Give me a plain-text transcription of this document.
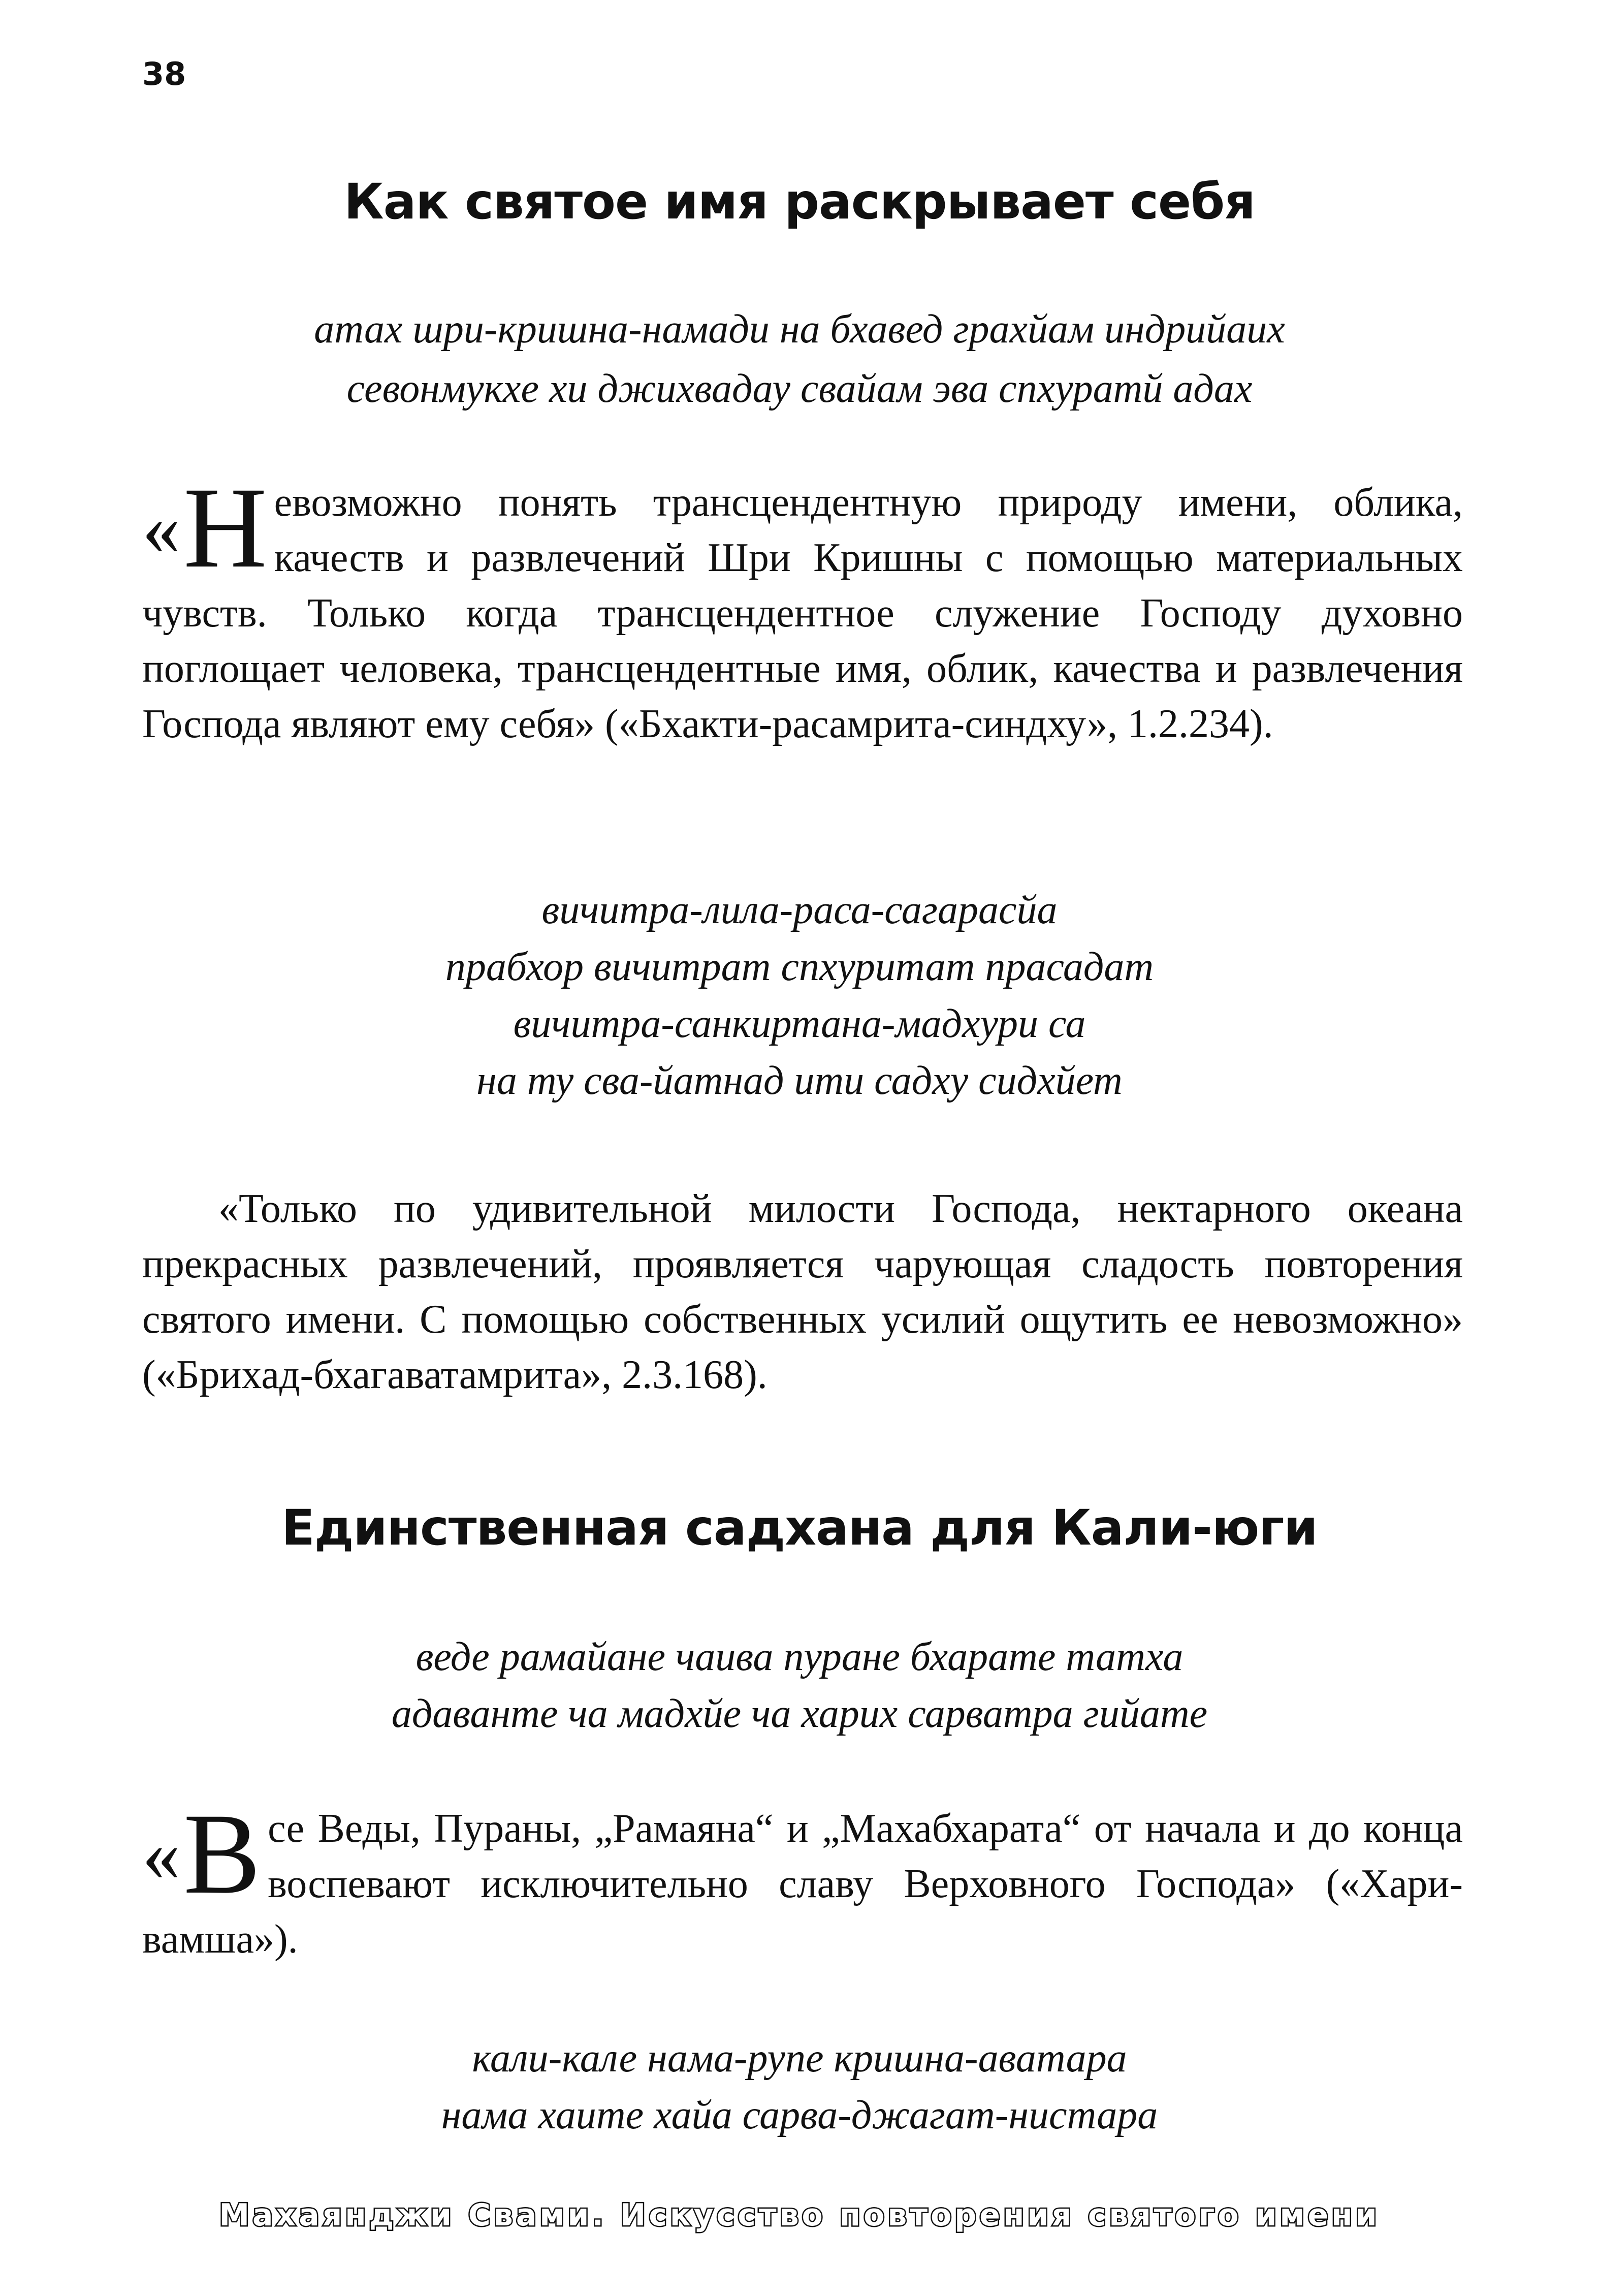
38
Как святое имя раскрывает себя
атах шри-кришна-намади на бхавед грахйам индрийаих
севонмукхе хи джихвадау свайам эва спхуратй адах
« Н евозможно понять трансцендентную природу имени, облика, качеств и развлечений Шри Кришны с помощью материальных чувств. Только когда трансцендентное служение Господу духовно поглощает человека, трансцендентные имя, облик, качества и развлечения Господа являют ему себя» («Бхакти-расамрита-синдху», 1.2.234).
вичитра-лила-раса-сагарасйа
прабхор вичитрат спхуритат прасадат
вичитра-санкиртана-мадхури са
на ту сва-йатнад ити садху сидхйет
«Только по удивительной милости Господа, нектарного океана прекрасных развлечений, проявляется чарующая сладость повторения святого имени. С помощью собственных усилий ощутить ее невозможно» («Брихад-бхагаватамрита», 2.3.168).
Единственная садхана для Кали-юги
веде рамайане чаива пуране бхарате татха
адаванте ча мадхйе ча харих сарватра гийате
« В се Веды, Пураны, „Рамаяна“ и „Махабхарата“ от начала и до конца воспевают исключительно славу Верховного Господа» («Хари-вамша»).
кали-кале нама-рупе кришна-аватара
нама хаите хайа сарва-джагат-нистара
Махаянджи Свами. Искусство повторения святого имени
